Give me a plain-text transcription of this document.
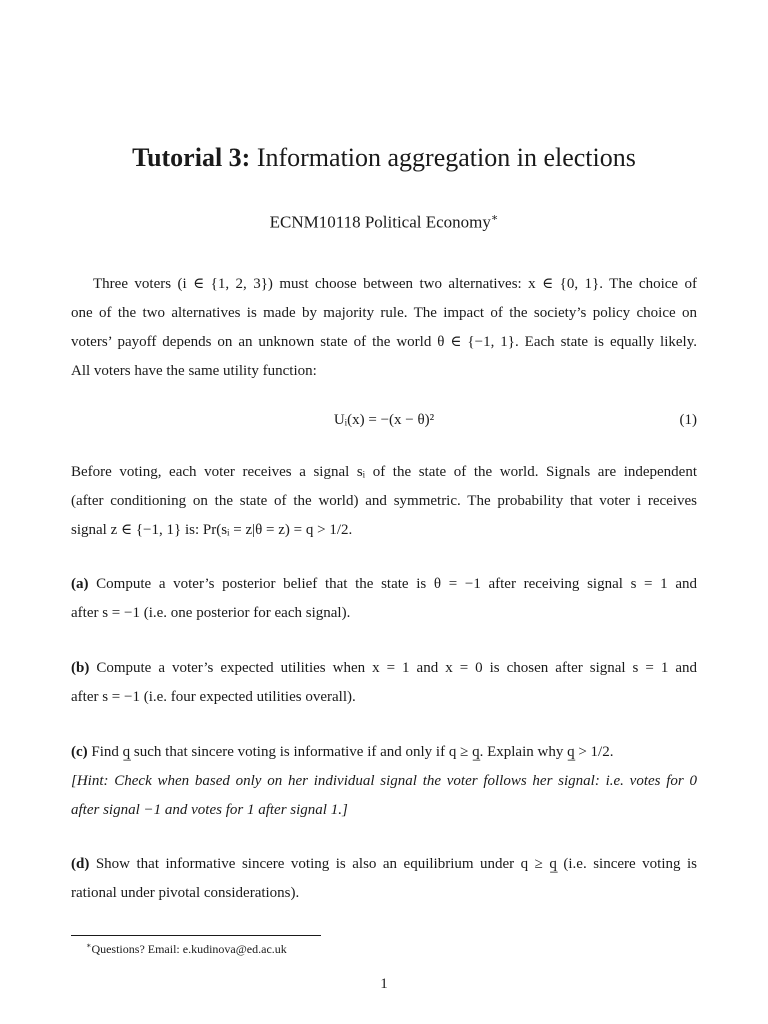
Tutorial 3: Information aggregation in elections
ECNM10118 Political Economy∗
Three voters (i ∈ {1, 2, 3}) must choose between two alternatives: x ∈ {0, 1}. The choice of
one of the two alternatives is made by majority rule. The impact of the society’s policy choice on
voters’ payoff depends on an unknown state of the world θ ∈ {−1, 1}. Each state is equally likely.
All voters have the same utility function:
Uᵢ(x) = −(x − θ)²	(1)
Before voting, each voter receives a signal sᵢ of the state of the world. Signals are independent
(after conditioning on the state of the world) and symmetric. The probability that voter i receives
signal z ∈ {−1, 1} is: Pr(sᵢ = z|θ = z) = q > 1/2.
(a) Compute a voter’s posterior belief that the state is θ = −1 after receiving signal s = 1 and
after s = −1 (i.e. one posterior for each signal).
(b) Compute a voter’s expected utilities when x = 1 and x = 0 is chosen after signal s = 1 and
after s = −1 (i.e. four expected utilities overall).
(c) Find q̲ such that sincere voting is informative if and only if q ≥ q̲. Explain why q̲ > 1/2.
[Hint: Check when based only on her individual signal the voter follows her signal: i.e. votes for 0
after signal −1 and votes for 1 after signal 1.]
(d) Show that informative sincere voting is also an equilibrium under q ≥ q̲ (i.e. sincere voting is
rational under pivotal considerations).
∗Questions? Email: e.kudinova@ed.ac.uk
1
